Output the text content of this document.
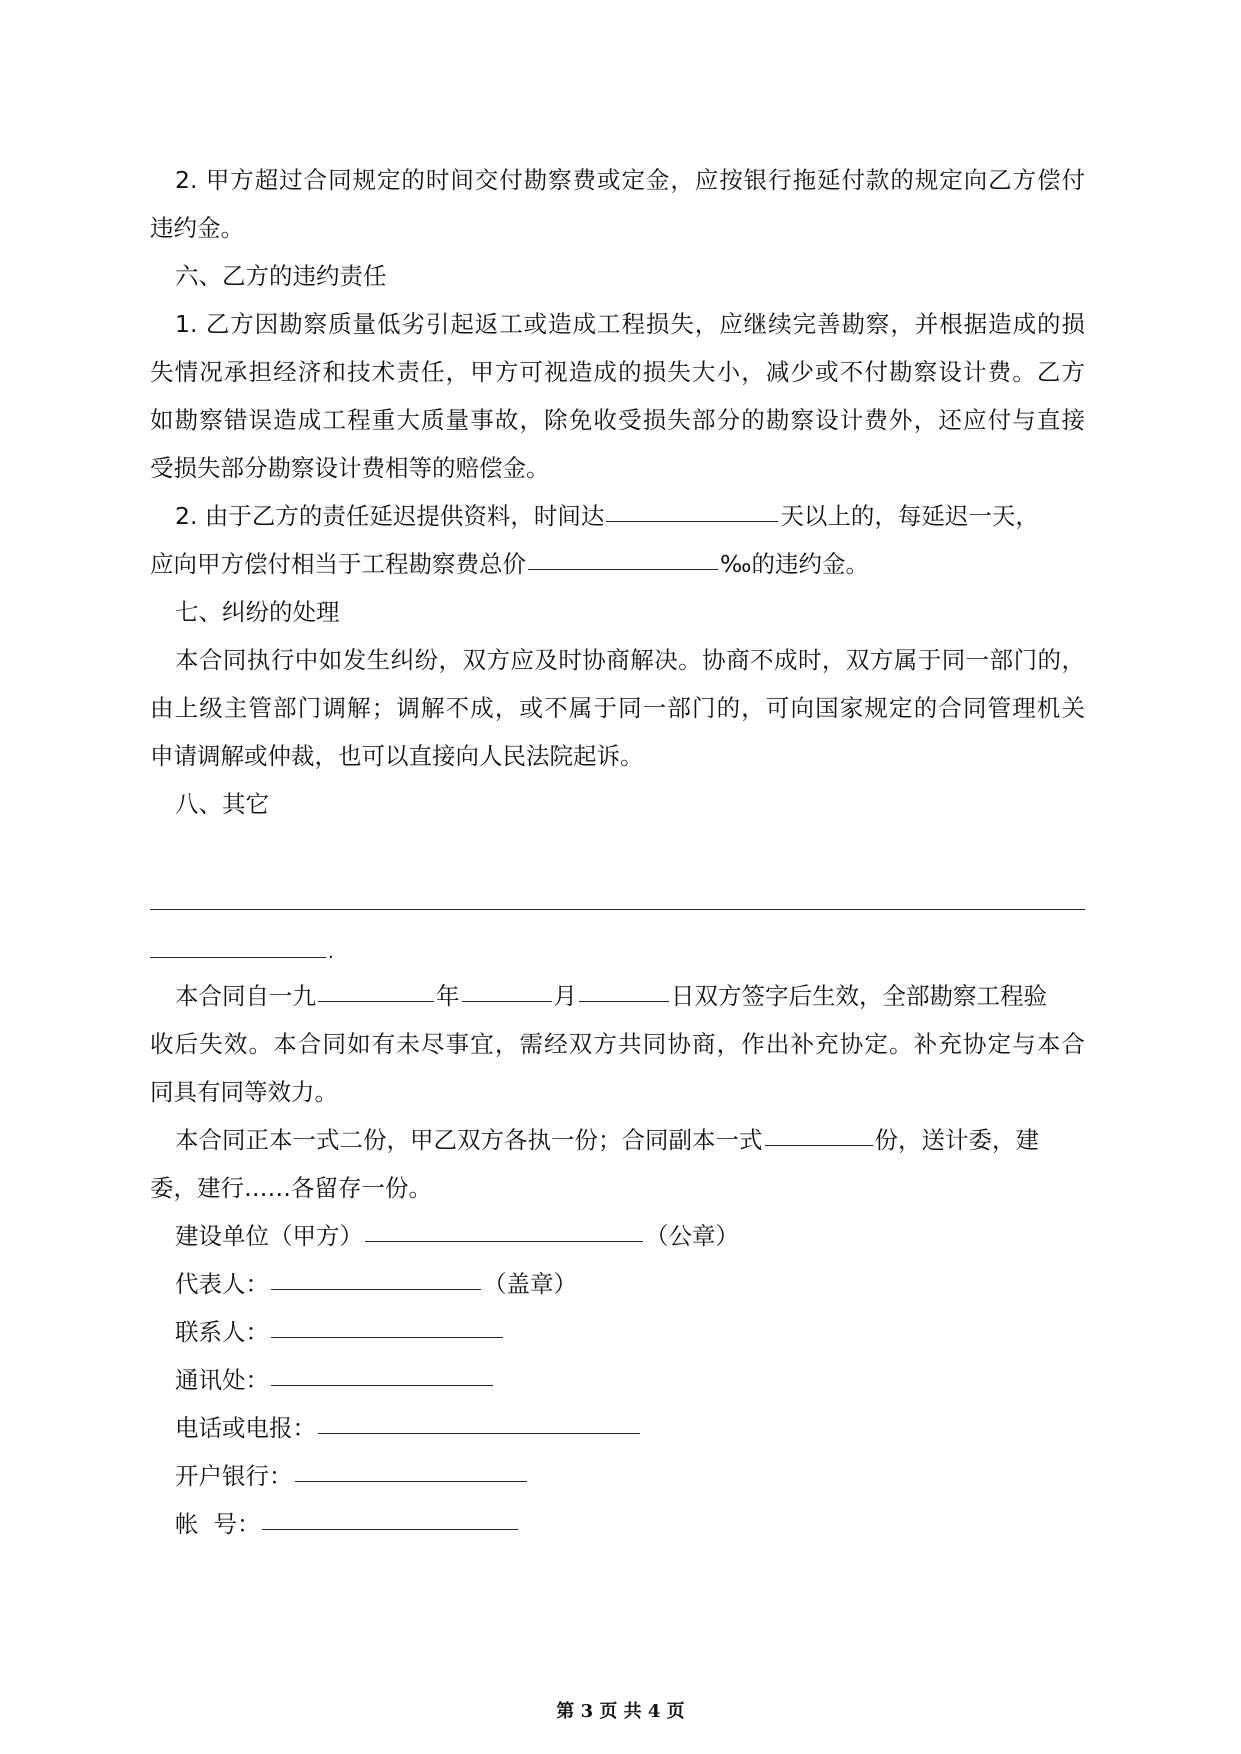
2. 甲方超过合同规定的时间交付勘察费或定金，应按银行拖延付款的规定向乙方偿付
违约金。
六、乙方的违约责任
1. 乙方因勘察质量低劣引起返工或造成工程损失，应继续完善勘察，并根据造成的损
失情况承担经济和技术责任，甲方可视造成的损失大小，减少或不付勘察设计费。乙方
如勘察错误造成工程重大质量事故，除免收受损失部分的勘察设计费外，还应付与直接
受损失部分勘察设计费相等的赔偿金。
2. 由于乙方的责任延迟提供资料，时间达	天以上的，每延迟一天，
应向甲方偿付相当于工程勘察费总价	‰的违约金。
七、纠纷的处理
本合同执行中如发生纠纷，双方应及时协商解决。协商不成时，双方属于同一部门的，
由上级主管部门调解；调解不成，或不属于同一部门的，可向国家规定的合同管理机关
申请调解或仲裁，也可以直接向人民法院起诉。
八、其它
.
本合同自一九	年	月	日双方签字后生效，全部勘察工程验
收后失效。本合同如有未尽事宜，需经双方共同协商，作出补充协定。补充协定与本合
同具有同等效力。
本合同正本一式二份，甲乙双方各执一份；合同副本一式	份，送计委，建
委，建行……各留存一份。
建设单位（甲方）	（公章）
代表人：	（盖章）
联系人：
通讯处：
电话或电报：
开户银行：
帐  号：
第 3 页 共 4 页
